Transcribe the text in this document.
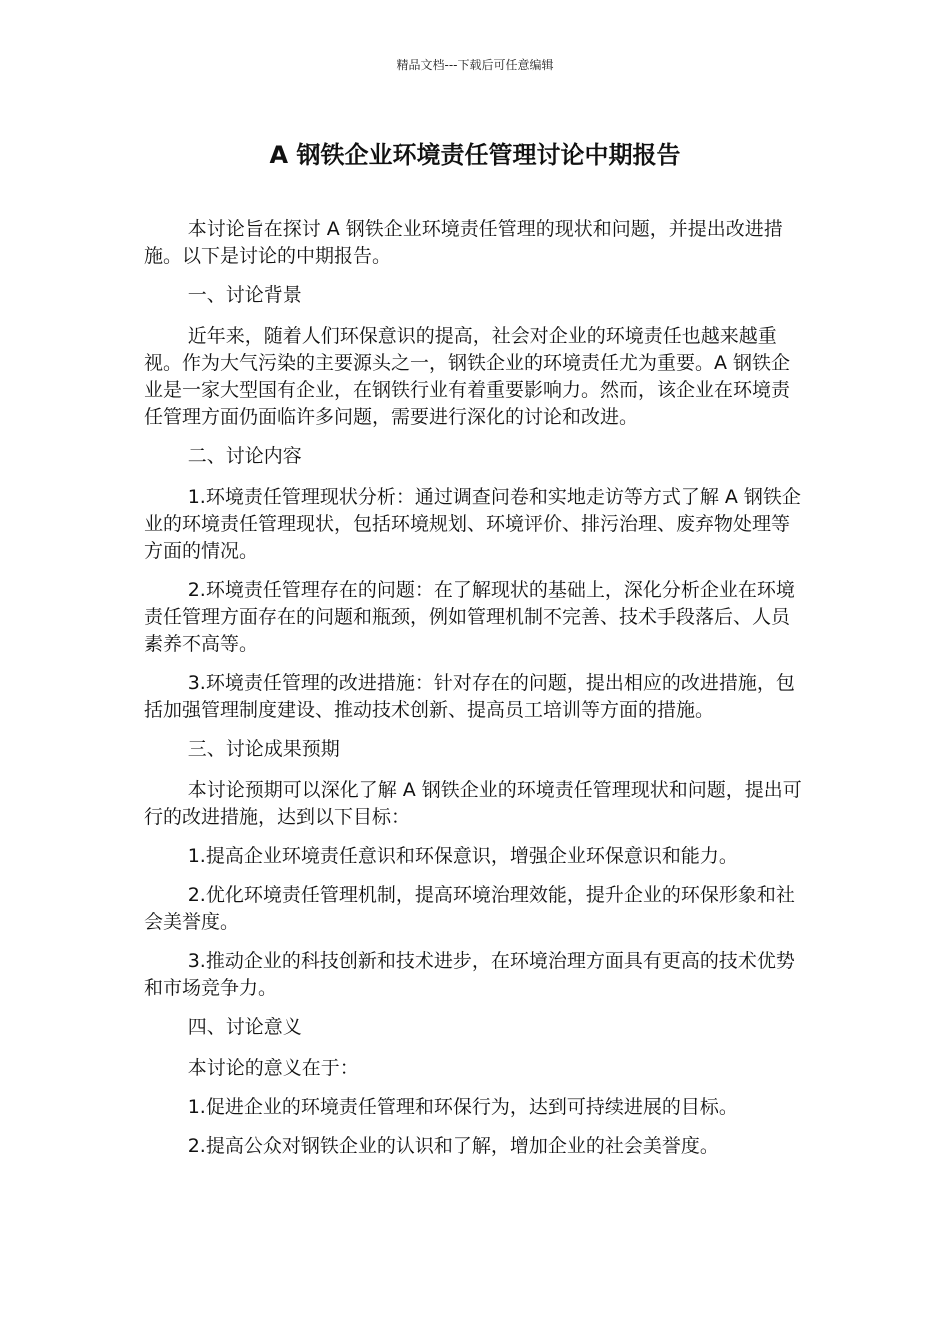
精品文档---下载后可任意编辑
A 钢铁企业环境责任管理讨论中期报告

本讨论旨在探讨 A 钢铁企业环境责任管理的现状和问题，并提出改进措施。以下是讨论的中期报告。

一、讨论背景

近年来，随着人们环保意识的提高，社会对企业的环境责任也越来越重视。作为大气污染的主要源头之一，钢铁企业的环境责任尤为重要。A 钢铁企业是一家大型国有企业，在钢铁行业有着重要影响力。然而，该企业在环境责任管理方面仍面临许多问题，需要进行深化的讨论和改进。

二、讨论内容

1.环境责任管理现状分析：通过调查问卷和实地走访等方式了解 A 钢铁企业的环境责任管理现状，包括环境规划、环境评价、排污治理、废弃物处理等方面的情况。

2.环境责任管理存在的问题：在了解现状的基础上，深化分析企业在环境责任管理方面存在的问题和瓶颈，例如管理机制不完善、技术手段落后、人员素养不高等。

3.环境责任管理的改进措施：针对存在的问题，提出相应的改进措施，包括加强管理制度建设、推动技术创新、提高员工培训等方面的措施。

三、讨论成果预期

本讨论预期可以深化了解 A 钢铁企业的环境责任管理现状和问题，提出可行的改进措施，达到以下目标：

1.提高企业环境责任意识和环保意识，增强企业环保意识和能力。

2.优化环境责任管理机制，提高环境治理效能，提升企业的环保形象和社会美誉度。

3.推动企业的科技创新和技术进步，在环境治理方面具有更高的技术优势和市场竞争力。

四、讨论意义

本讨论的意义在于：

1.促进企业的环境责任管理和环保行为，达到可持续进展的目标。

2.提高公众对钢铁企业的认识和了解，增加企业的社会美誉度。
